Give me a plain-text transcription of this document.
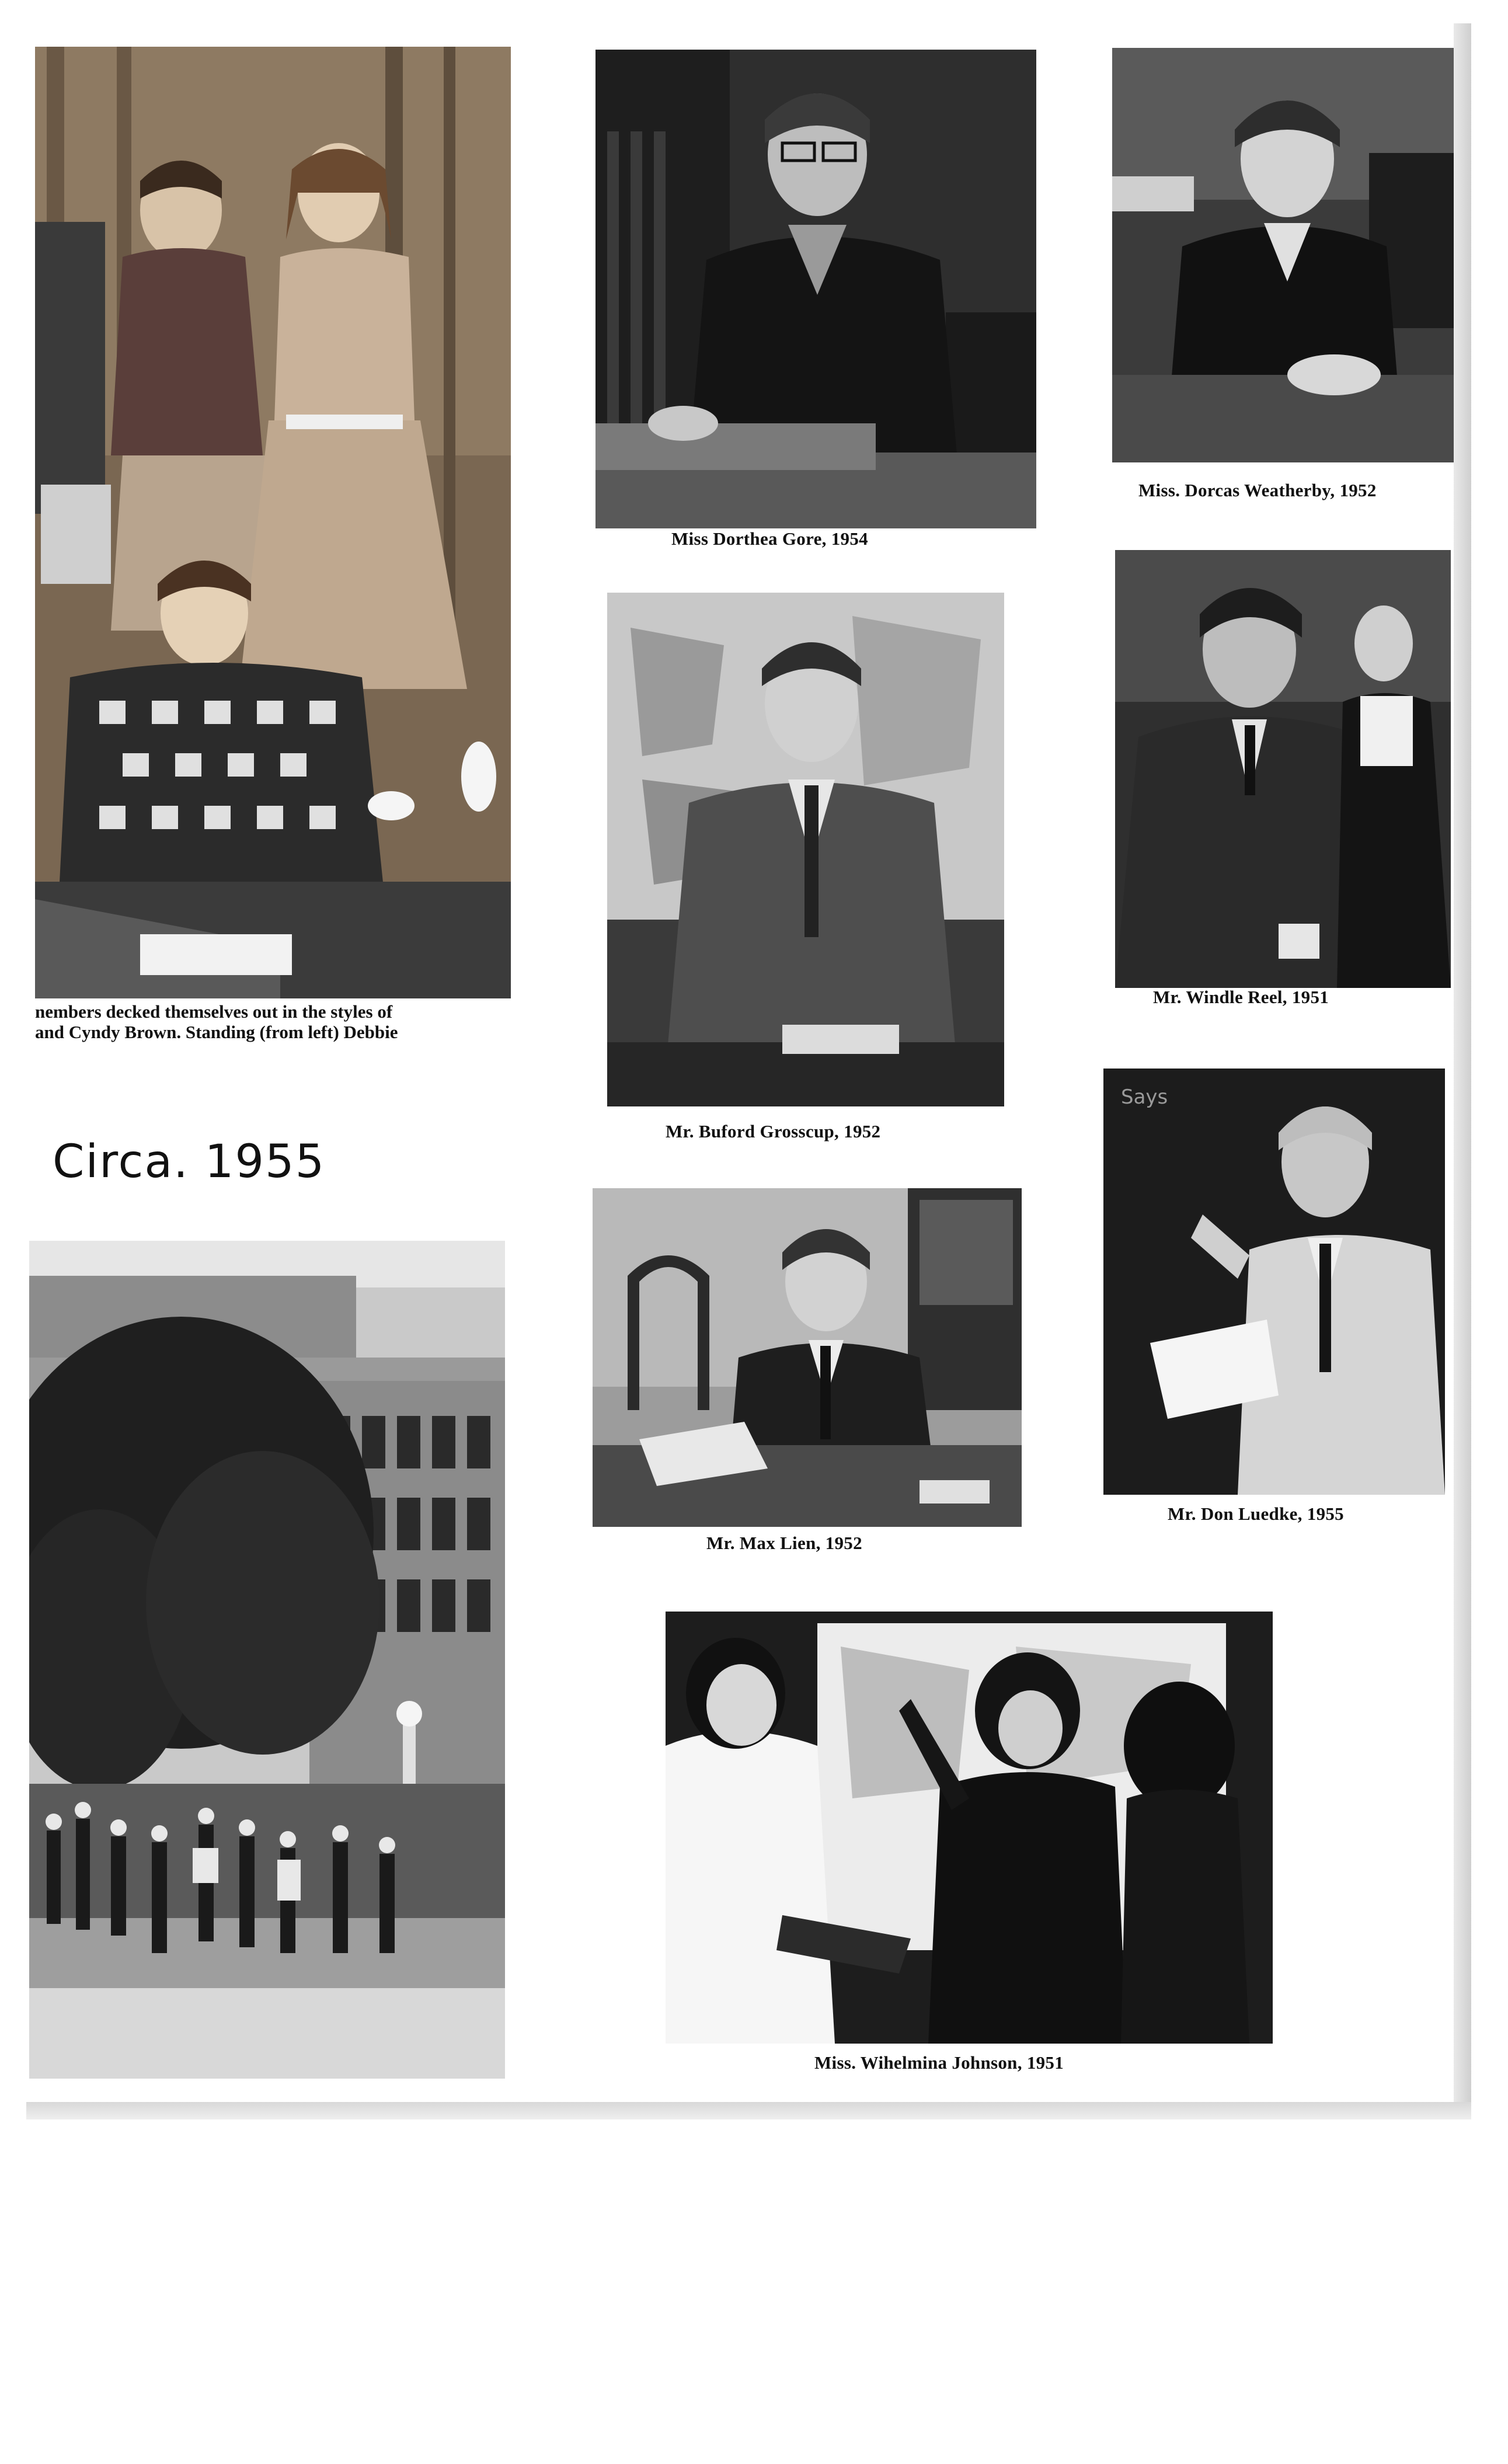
Miss. Dorcas Weatherby, 1952
Miss Dorthea Gore, 1954
Mr. Windle Reel, 1951
nembers decked themselves out in the styles of
and Cyndy Brown. Standing (from left) Debbie
Says
Circa. 1955
Mr. Buford Grosscup, 1952
Mr. Don Luedke, 1955
Mr. Max Lien, 1952
Miss. Wihelmina Johnson, 1951
